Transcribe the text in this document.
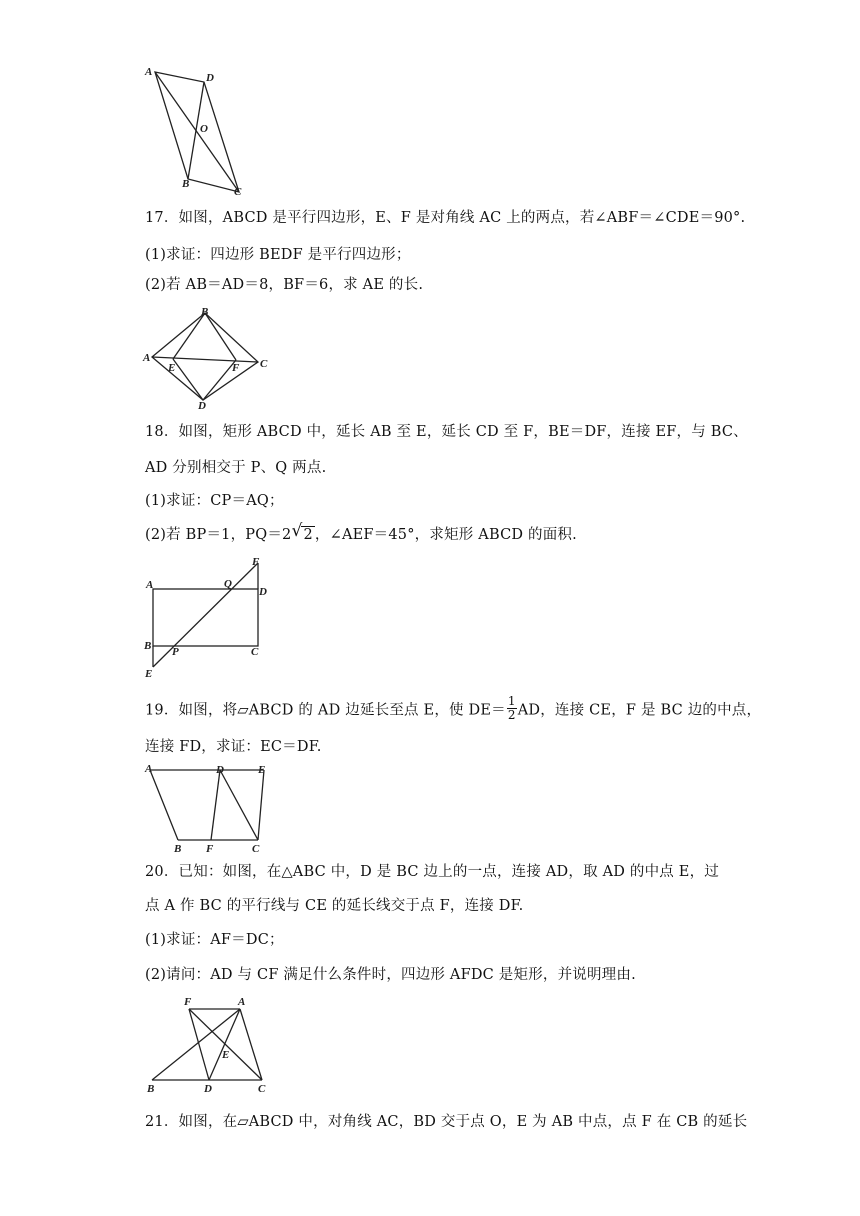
A	D
O
B
C
17．如图，ABCD 是平行四边形，E、F 是对角线 AC 上的两点，若∠ABF＝∠CDE＝90°.
(1)求证：四边形 BEDF 是平行四边形；
(2)若 AB＝AD＝8，BF＝6，求 AE 的长.
A
B
C
D
E	F
18．如图，矩形 ABCD 中，延长 AB 至 E，延长 CD 至 F，BE＝DF，连接 EF，与 BC、
AD 分别相交于 P、Q 两点.
(1)求证：CP＝AQ；
(2)若 BP＝1，PQ＝2√ 2 ，∠AEF＝45°，求矩形 ABCD 的面积.
A	Q
F
D
B P	C
E
19．如图，将▱ABCD 的 AD 边延长至点 E，使 $DE= \frac{1}{2}$ AD，连接 CE，F 是 BC 边的中点，
连接 FD，求证：EC＝DF.
A	D	E
B F	C
20．已知：如图，在△ABC 中，D 是 BC 边上的一点，连接 AD，取 AD 的中点 E，过
点 A 作 BC 的平行线与 CE 的延长线交于点 F，连接 DF.
(1)求证：AF＝DC；
(2)请问：AD 与 CF 满足什么条件时，四边形 AFDC 是矩形，并说明理由.
F	A
E
B	D	C
21．如图，在▱ABCD 中，对角线 AC，BD 交于点 O，E 为 AB 中点，点 F 在 CB 的延长
